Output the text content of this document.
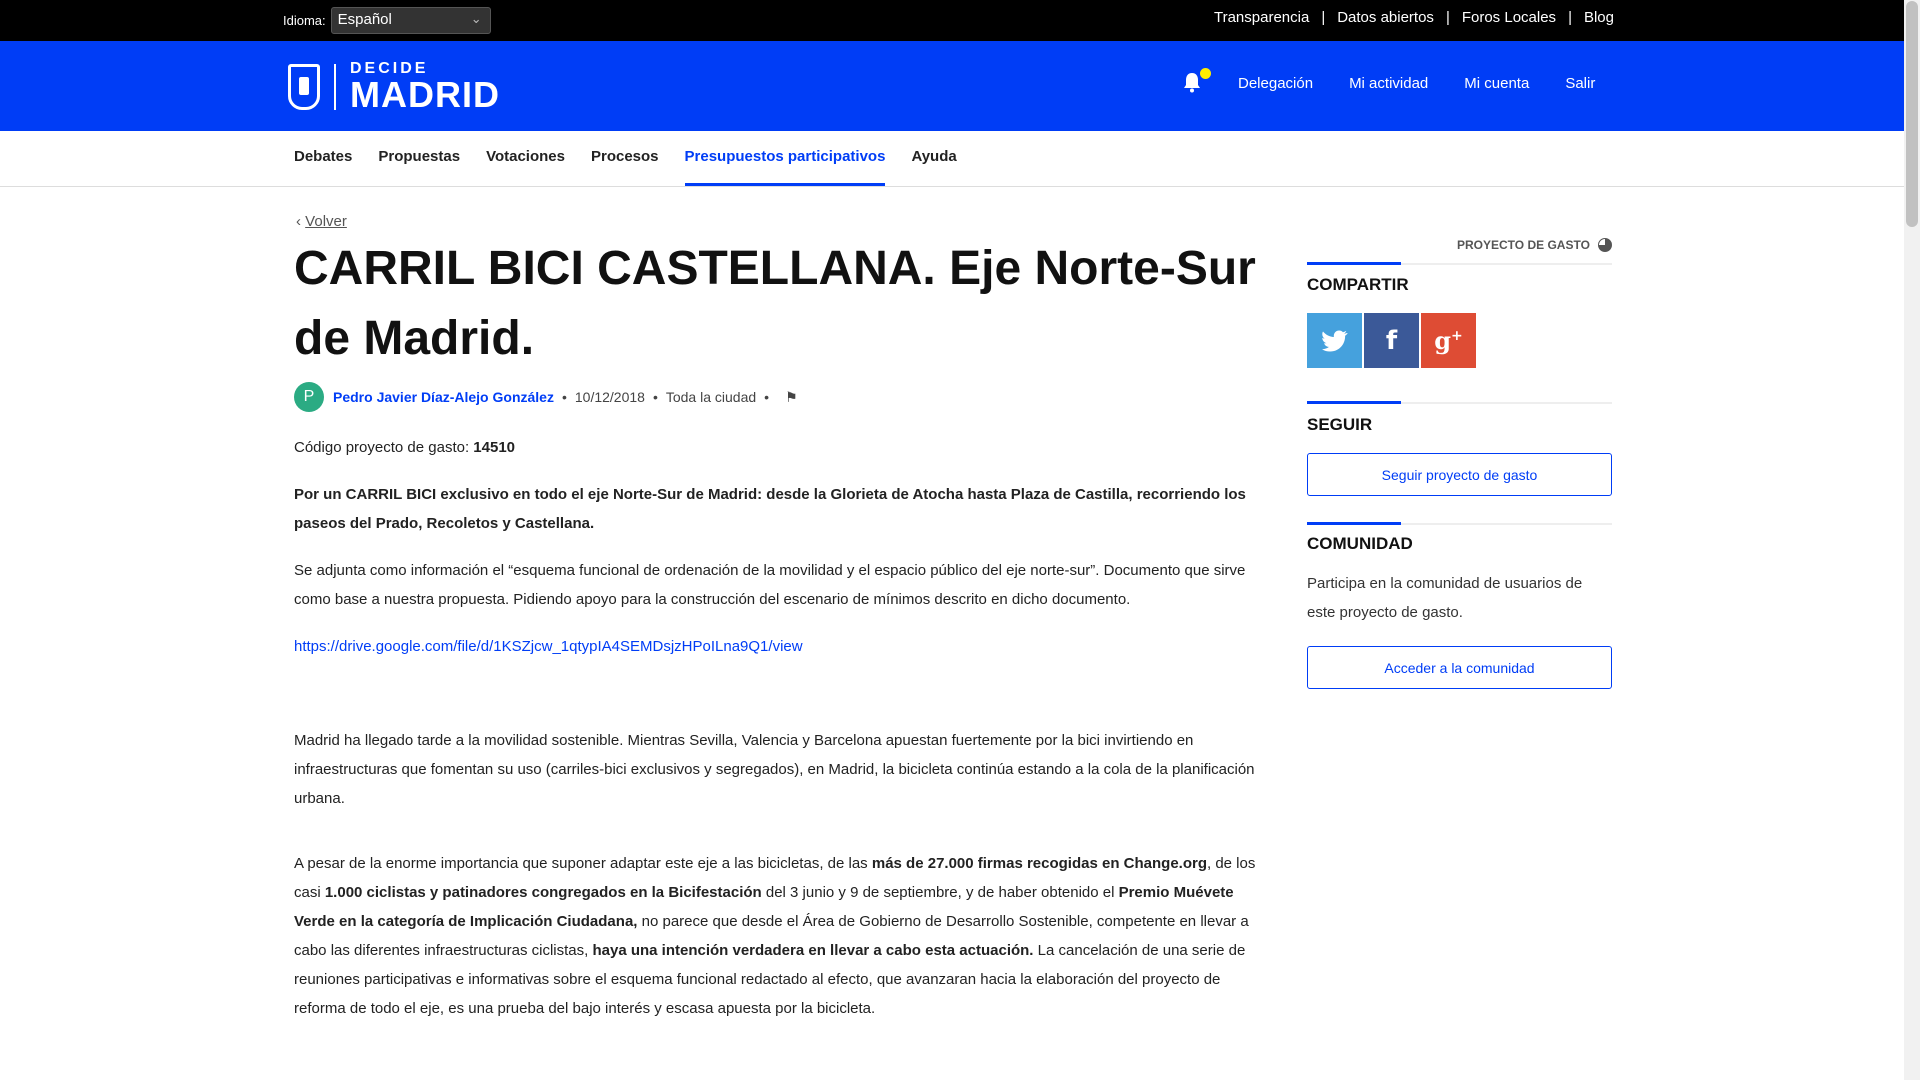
Idioma: Español	⌄	Transparencia | Datos abiertos | Foros Locales | Blog
DECIDE
MADRID	Delegación Mi actividad Mi cuenta Salir
Debates Propuestas Votaciones Procesos Presupuestos participativos Ayuda
‹ Volver
CARRIL BICI CASTELLANA. Eje Norte-Sur de Madrid.
P	Pedro Javier Díaz-Alejo González • 10/12/2018 • Toda la ciudad • ⚑
Código proyecto de gasto: 14510

Por un CARRIL BICI exclusivo en todo el eje Norte-Sur de Madrid: desde la Glorieta de Atocha hasta Plaza de Castilla, recorriendo los paseos del Prado, Recoletos y Castellana.

Se adjunta como información el “esquema funcional de ordenación de la movilidad y el espacio público del eje norte-sur”. Documento que sirve como base a nuestra propuesta. Pidiendo apoyo para la construcción del escenario de mínimos descrito en dicho documento.

https://drive.google.com/file/d/1KSZjcw_1qtypIA4SEMDsjzHPoILna9Q1/view

Madrid ha llegado tarde a la movilidad sostenible. Mientras Sevilla, Valencia y Barcelona apuestan fuertemente por la bici invirtiendo en infraestructuras que fomentan su uso (carriles-bici exclusivos y segregados), en Madrid, la bicicleta continúa estando a la cola de la planificación urbana.

A pesar de la enorme importancia que suponer adaptar este eje a las bicicletas, de las más de 27.000 firmas recogidas en Change.org, de los casi 1.000 ciclistas y patinadores congregados en la Bicifestación del 3 junio y 9 de septiembre, y de haber obtenido el Premio Muévete Verde en la categoría de Implicación Ciudadana, no parece que desde el Área de Gobierno de Desarrollo Sostenible, competente en llevar a cabo las diferentes infraestructuras ciclistas, haya una intención verdadera en llevar a cabo esta actuación. La cancelación de una serie de reuniones participativas e informativas sobre el esquema funcional redactado al efecto, que avanzaran hacia la elaboración del proyecto de reforma de todo el eje, es una prueba del bajo interés y escasa apuesta por la bicicleta.

PROYECTO DE GASTO
COMPARTIR
f g+
SEGUIR
Seguir proyecto de gasto
COMUNIDAD

Participa en la comunidad de usuarios de este proyecto de gasto.

Acceder a la comunidad
